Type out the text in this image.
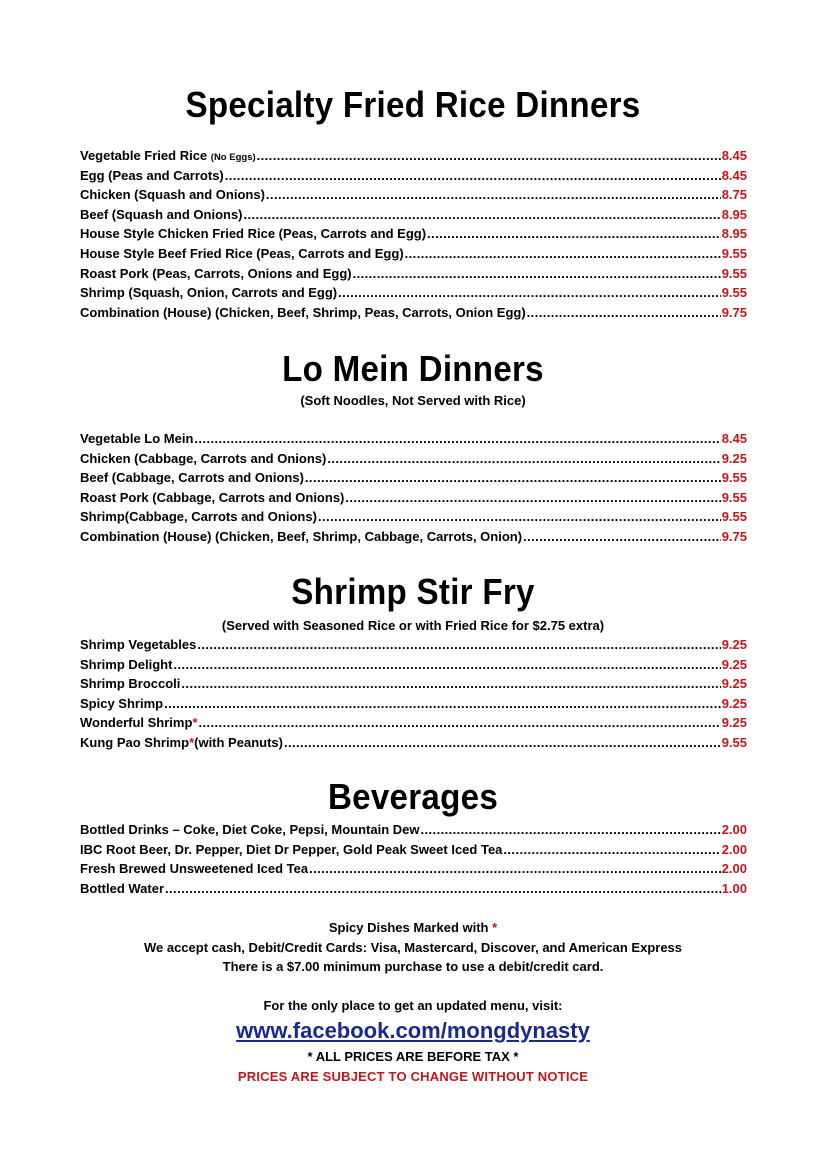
Specialty Fried Rice Dinners
Vegetable Fried Rice (No Eggs) .....	8.45
Egg (Peas and Carrots) .....	8.45
Chicken (Squash and Onions) .....	8.75
Beef (Squash and Onions) .....	8.95
House Style Chicken Fried Rice (Peas, Carrots and Egg) .....	8.95
House Style Beef Fried Rice (Peas, Carrots and Egg) .....	9.55
Roast Pork (Peas, Carrots, Onions and Egg) .....	9.55
Shrimp (Squash, Onion, Carrots and Egg) .....	9.55
Combination (House) (Chicken, Beef, Shrimp, Peas, Carrots, Onion Egg) .....	9.75
Lo Mein Dinners
(Soft Noodles, Not Served with Rice)
Vegetable Lo Mein .....	8.45
Chicken (Cabbage, Carrots and Onions) .....	9.25
Beef (Cabbage, Carrots and Onions) .....	9.55
Roast Pork (Cabbage, Carrots and Onions) .....	9.55
Shrimp(Cabbage, Carrots and Onions) .....	9.55
Combination (House) (Chicken, Beef, Shrimp, Cabbage, Carrots, Onion) .....	9.75
Shrimp Stir Fry
(Served with Seasoned Rice or with Fried Rice for $2.75 extra)
Shrimp Vegetables .....	9.25
Shrimp Delight .....	9.25
Shrimp Broccoli .....	9.25
Spicy Shrimp .....	9.25
Wonderful Shrimp* .....	9.25
Kung Pao Shrimp*(with Peanuts) .....	9.55
Beverages
Bottled Drinks – Coke, Diet Coke, Pepsi, Mountain Dew .....	2.00
IBC Root Beer, Dr. Pepper, Diet Dr Pepper, Gold Peak Sweet Iced Tea .....	2.00
Fresh Brewed Unsweetened Iced Tea .....	2.00
Bottled Water .....	1.00
Spicy Dishes Marked with *
We accept cash, Debit/Credit Cards: Visa, Mastercard, Discover, and American Express
There is a $7.00 minimum purchase to use a debit/credit card.
For the only place to get an updated menu, visit:
www.facebook.com/mongdynasty
* ALL PRICES ARE BEFORE TAX *
PRICES ARE SUBJECT TO CHANGE WITHOUT NOTICE
